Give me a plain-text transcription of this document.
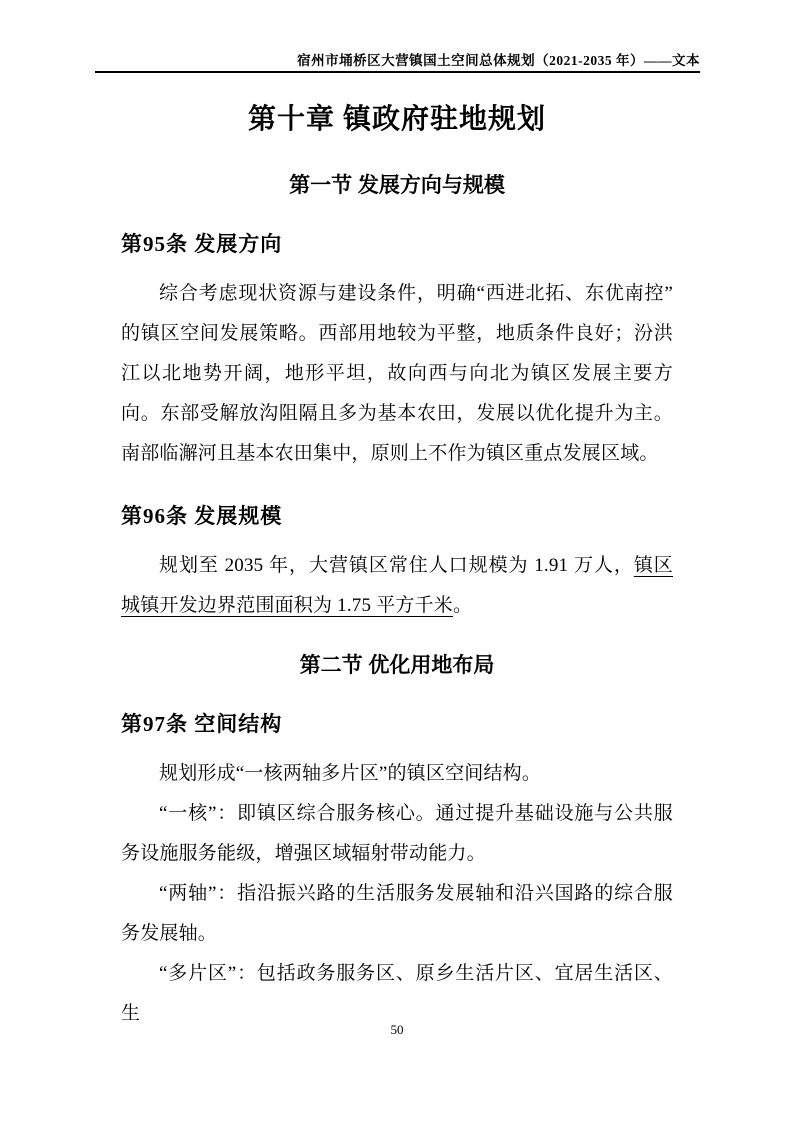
宿州市埇桥区大营镇国土空间总体规划（2021-2035 年）——文本
第十章 镇政府驻地规划
第一节 发展方向与规模
第95条 发展方向

综合考虑现状资源与建设条件，明确“西进北拓、东优南控”的镇区空间发展策略。西部用地较为平整，地质条件良好；汾洪江以北地势开阔，地形平坦，故向西与向北为镇区发展主要方向。东部受解放沟阻隔且多为基本农田，发展以优化提升为主。南部临澥河且基本农田集中，原则上不作为镇区重点发展区域。

第96条 发展规模

规划至 2035 年，大营镇区常住人口规模为 1.91 万人，镇区城镇开发边界范围面积为 1.75 平方千米。

第二节 优化用地布局
第97条 空间结构

规划形成“一核两轴多片区”的镇区空间结构。

“一核”：即镇区综合服务核心。通过提升基础设施与公共服务设施服务能级，增强区域辐射带动能力。

“两轴”：指沿振兴路的生活服务发展轴和沿兴国路的综合服务发展轴。

“多片区”：包括政务服务区、原乡生活片区、宜居生活区、生

50
